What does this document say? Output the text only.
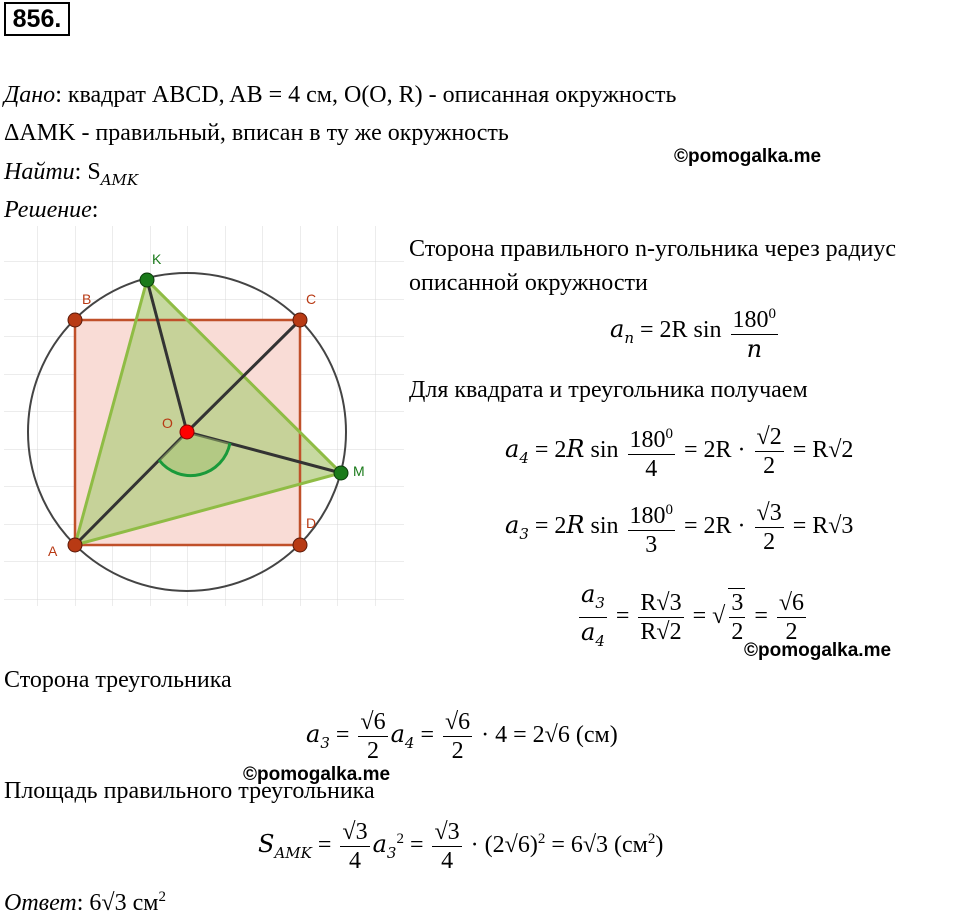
856.
Дано: квадрат ABCD, AB = 4 см, O(O, R) - описанная окружность
ΔAMK - правильный, вписан в ту же окружность
Найти: $S_{AMK}$
©pomogalka.me
Решение:
B	C
D
A
K
M
O
Сторона правильного n-угольника через радиус
описанной окружности
$a_n = 2R$ $\sin \frac{180^0}{n}$
Для квадрата и треугольника получаем
$a_4 = 2R$ $\sin \frac{180^0}{4} = 2R \cdot \frac{√2}{2} = R√2$
$a_3 = 2R$ $\sin \frac{180^0}{3} = 2R \cdot \frac{√3}{2} = R√3$
$\frac{a_3}{a_4} = \frac{R√3}{R√2}$ = √ $\frac{3}{2} = \frac{√6}{2}$
©pomogalka.me
Сторона треугольника
$a_3 = \frac{√6}{2} a_4 = \frac{√6}{2} \cdot 4 = 2√6$ (см)
©pomogalka.me
Площадь правильного треугольника
$S_{AMK} = \frac{√3}{4} a_3^2 = \frac{√3}{4} \cdot (2√6)^2 = 6√3$ $(см^2)$
Ответ: 6√3 $см^2$
